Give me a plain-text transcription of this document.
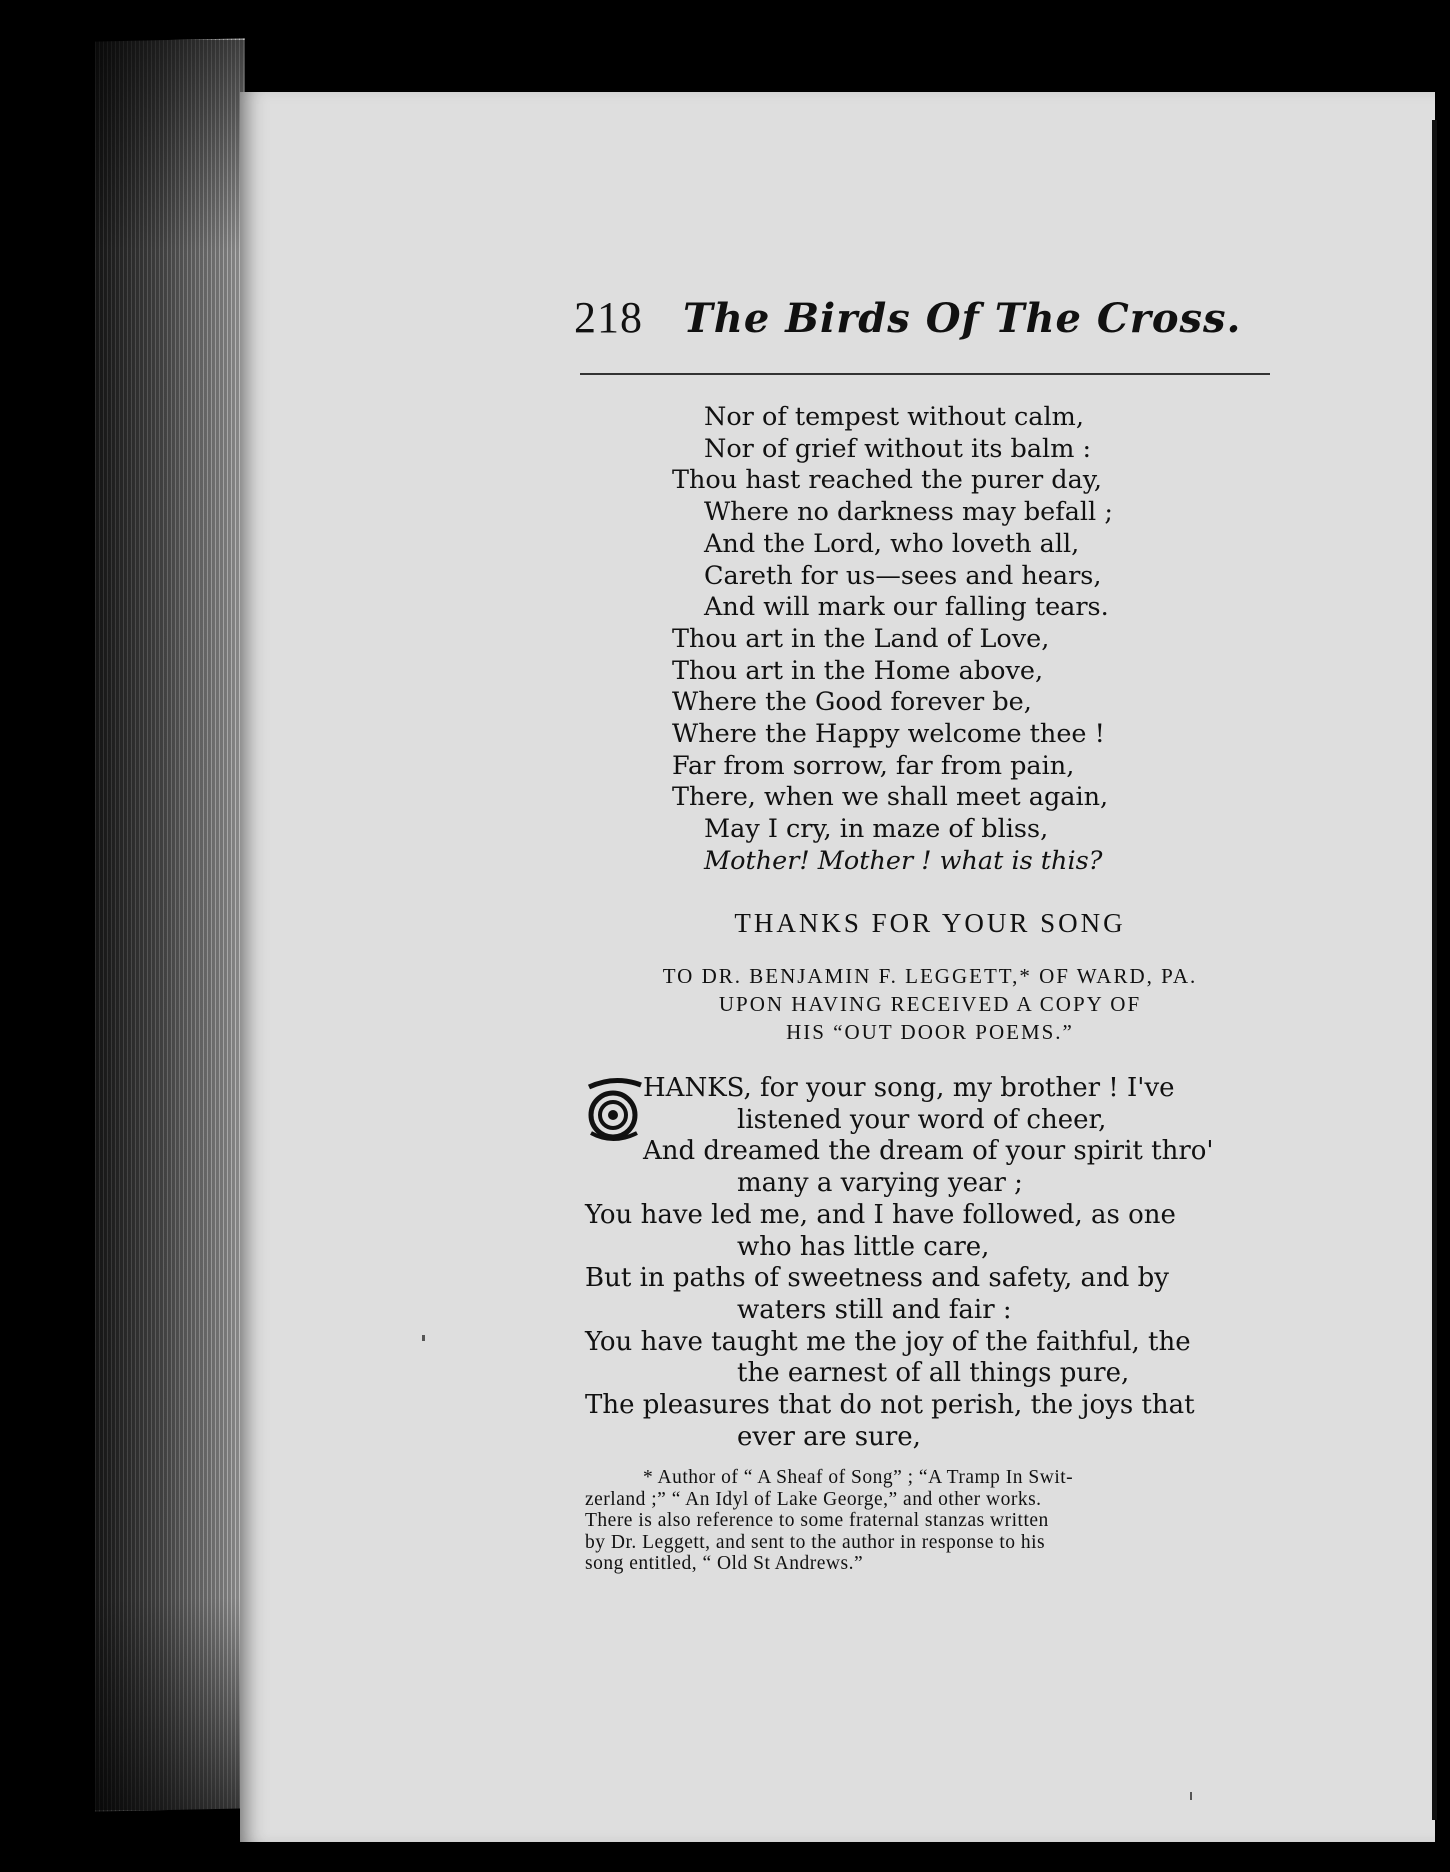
218 The Birds Of The Cross.
Nor of tempest without calm,
Nor of grief without its balm :
Thou hast reached the purer day,
Where no darkness may befall ;
And the Lord, who loveth all,
Careth for us—sees and hears,
And will mark our falling tears.
Thou art in the Land of Love,
Thou art in the Home above,
Where the Good forever be,
Where the Happy welcome thee !
Far from sorrow, far from pain,
There, when we shall meet again,
May I cry, in maze of bliss,
Mother! Mother ! what is this?
THANKS FOR YOUR SONG
TO DR. BENJAMIN F. LEGGETT,* OF WARD, PA.
UPON HAVING RECEIVED A COPY OF
HIS “OUT DOOR POEMS.”
HANKS, for your song, my brother ! I've
listened your word of cheer,
And dreamed the dream of your spirit thro'
many a varying year ;
You have led me, and I have followed, as one
who has little care,
But in paths of sweetness and safety, and by
waters still and fair :
You have taught me the joy of the faithful, the
the earnest of all things pure,
The pleasures that do not perish, the joys that
ever are sure,
* Author of “ A Sheaf of Song” ; “A Tramp In Swit-
zerland ;” “ An Idyl of Lake George,” and other works.
There is also reference to some fraternal stanzas written
by Dr. Leggett, and sent to the author in response to his
song entitled, “ Old St Andrews.”
